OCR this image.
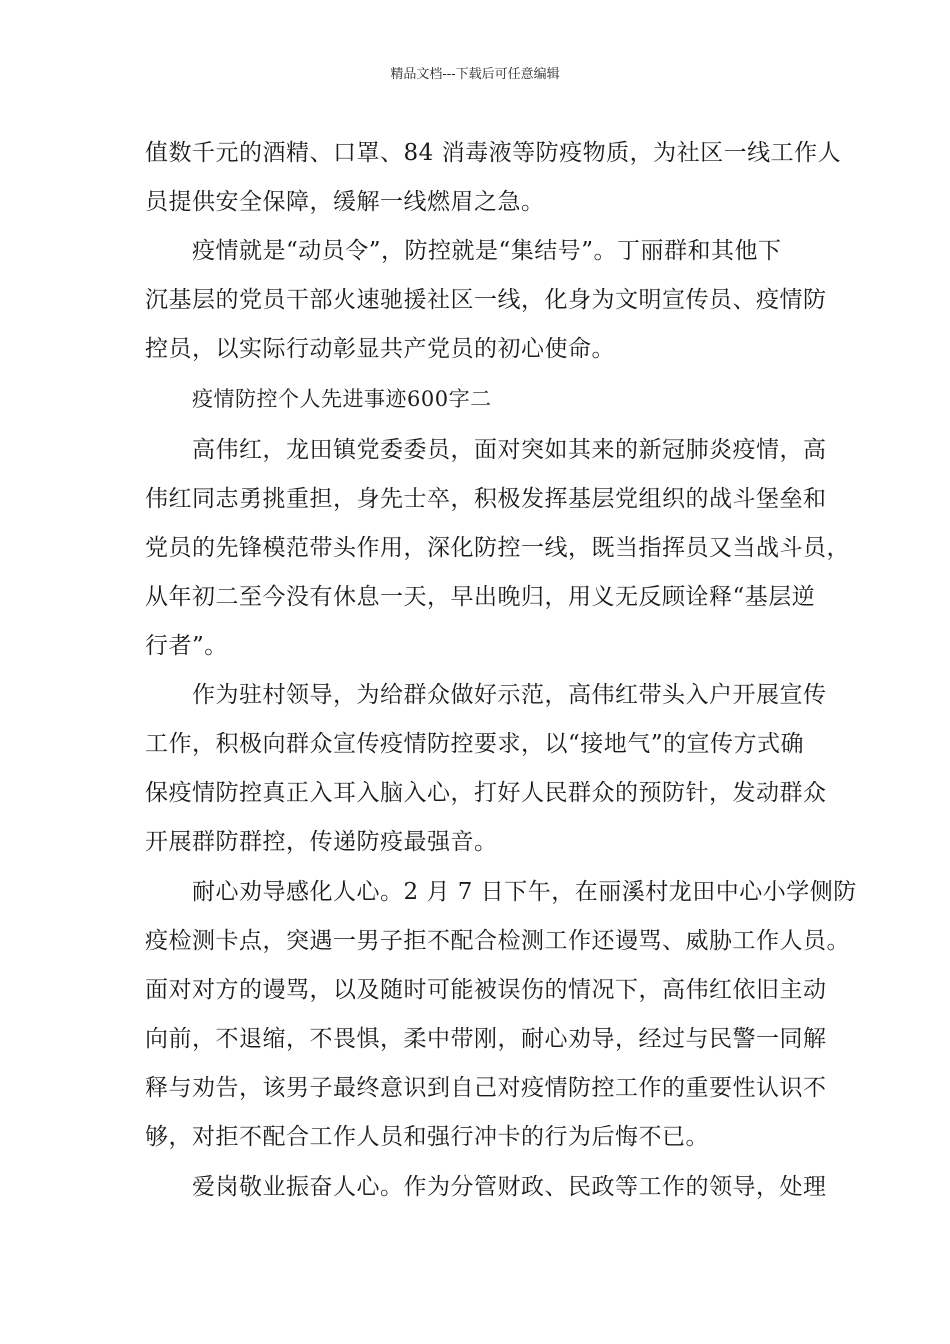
精品文档---下载后可任意编辑
值数千元的酒精、口罩、84 消毒液等防疫物质，为社区一线工作人
员提供安全保障，缓解一线燃眉之急。
疫情就是“动员令”，防控就是“集结号”。丁丽群和其他下
沉基层的党员干部火速驰援社区一线，化身为文明宣传员、疫情防
控员，以实际行动彰显共产党员的初心使命。
疫情防控个人先进事迹600字二
高伟红，龙田镇党委委员，面对突如其来的新冠肺炎疫情，高
伟红同志勇挑重担，身先士卒，积极发挥基层党组织的战斗堡垒和
党员的先锋模范带头作用，深化防控一线，既当指挥员又当战斗员，
从年初二至今没有休息一天，早出晚归，用义无反顾诠释“基层逆
行者”。
作为驻村领导，为给群众做好示范，高伟红带头入户开展宣传
工作，积极向群众宣传疫情防控要求，以“接地气”的宣传方式确
保疫情防控真正入耳入脑入心，打好人民群众的预防针，发动群众
开展群防群控，传递防疫最强音。
耐心劝导感化人心。2 月 7 日下午，在丽溪村龙田中心小学侧防
疫检测卡点，突遇一男子拒不配合检测工作还谩骂、威胁工作人员。
面对对方的谩骂，以及随时可能被误伤的情况下，高伟红依旧主动
向前，不退缩，不畏惧，柔中带刚，耐心劝导，经过与民警一同解
释与劝告，该男子最终意识到自己对疫情防控工作的重要性认识不
够，对拒不配合工作人员和强行冲卡的行为后悔不已。
爱岗敬业振奋人心。作为分管财政、民政等工作的领导，处理
